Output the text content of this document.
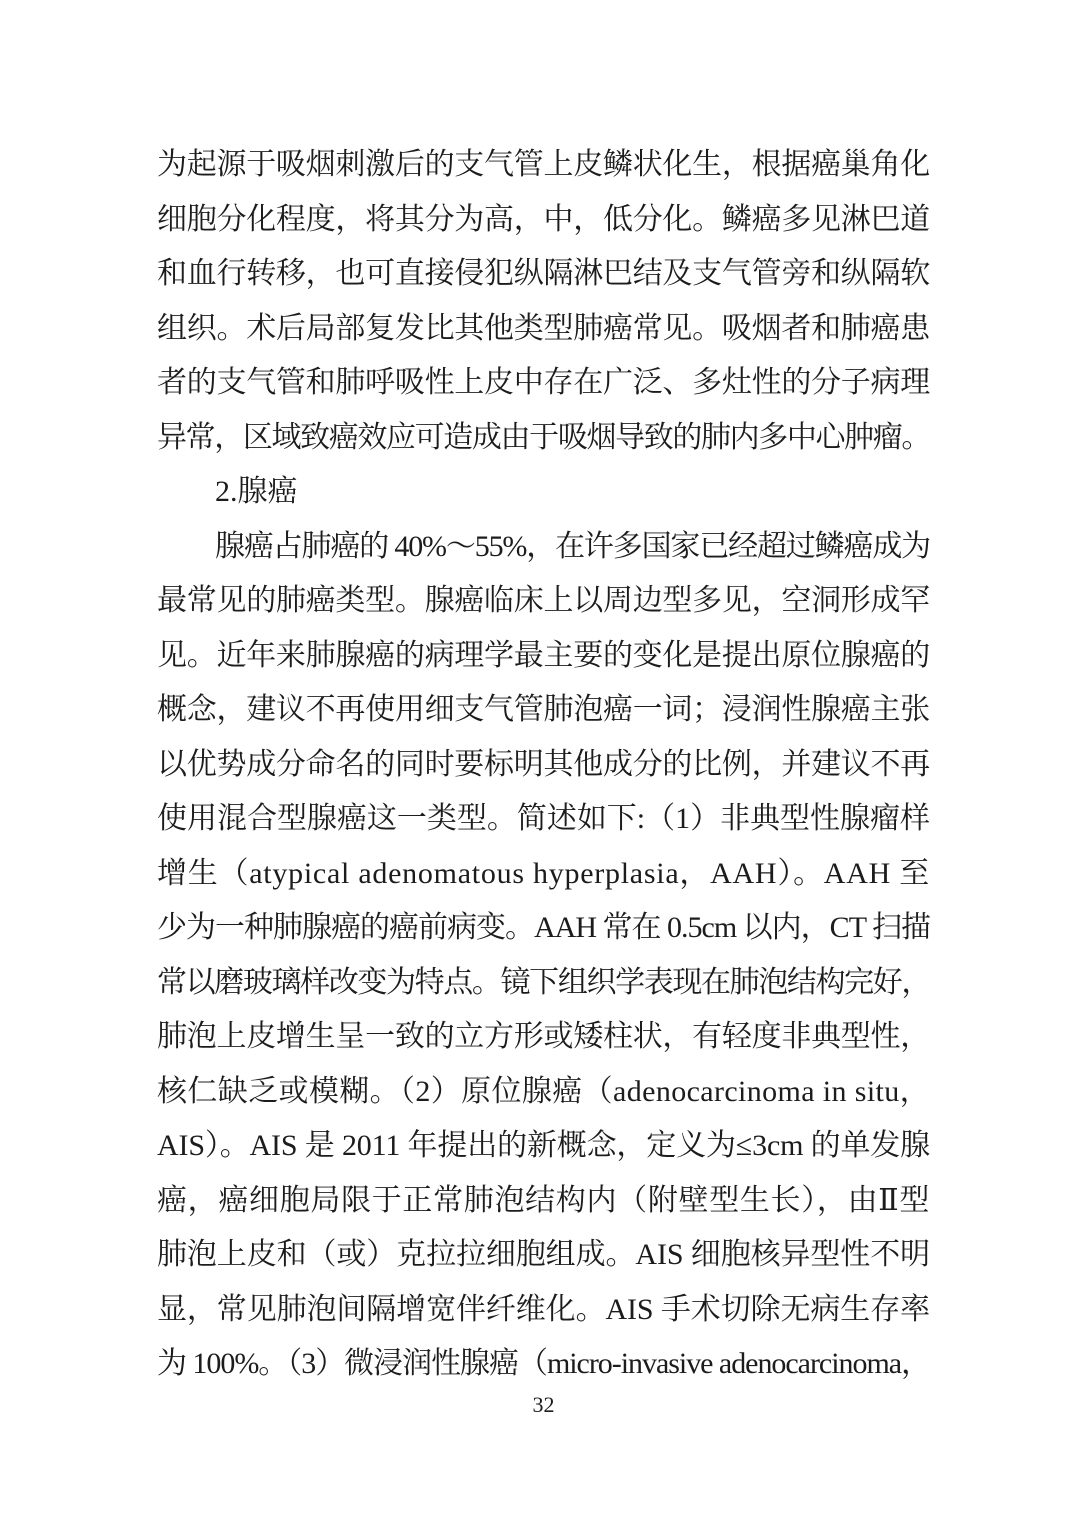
为起源于吸烟刺激后的支气管上皮鳞状化生，根据癌巢角化
细胞分化程度，将其分为高，中，低分化。鳞癌多见淋巴道
和血行转移，也可直接侵犯纵隔淋巴结及支气管旁和纵隔软
组织。术后局部复发比其他类型肺癌常见。吸烟者和肺癌患
者的支气管和肺呼吸性上皮中存在广泛、多灶性的分子病理
异常，区域致癌效应可造成由于吸烟导致的肺内多中心肿瘤。
2.腺癌
腺癌占肺癌的 40%～55%，在许多国家已经超过鳞癌成为
最常见的肺癌类型。腺癌临床上以周边型多见，空洞形成罕
见。近年来肺腺癌的病理学最主要的变化是提出原位腺癌的
概念，建议不再使用细支气管肺泡癌一词；浸润性腺癌主张
以优势成分命名的同时要标明其他成分的比例，并建议不再
使用混合型腺癌这一类型。简述如下:（1）非典型性腺瘤样
增生（atypical adenomatous hyperplasia，AAH）。AAH 至
少为一种肺腺癌的癌前病变。AAH 常在 0.5cm 以内，CT 扫描
常以磨玻璃样改变为特点。镜下组织学表现在肺泡结构完好，
肺泡上皮增生呈一致的立方形或矮柱状，有轻度非典型性，
核仁缺乏或模糊。（2）原位腺癌（adenocarcinoma in situ，
AIS）。AIS 是 2011 年提出的新概念，定义为≤3cm 的单发腺
癌，癌细胞局限于正常肺泡结构内（附壁型生长），由Ⅱ型
肺泡上皮和（或）克拉拉细胞组成。AIS 细胞核异型性不明
显，常见肺泡间隔增宽伴纤维化。AIS 手术切除无病生存率
为 100%。（3）微浸润性腺癌（micro-invasive adenocarcinoma，
32
